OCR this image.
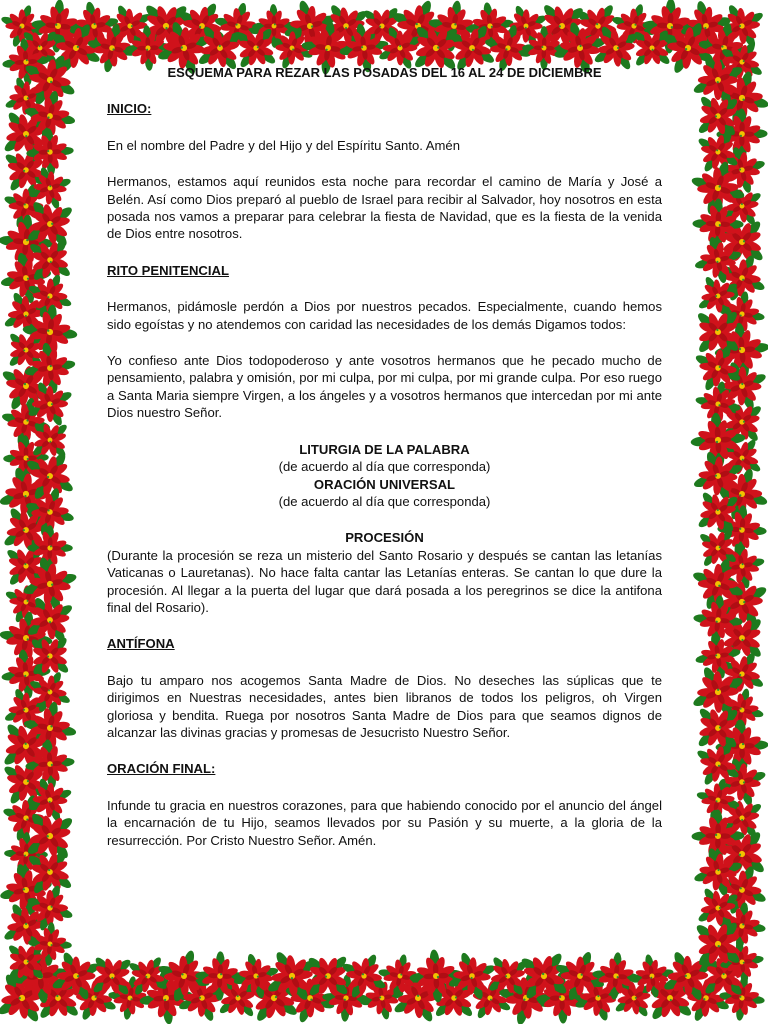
ESQUEMA PARA REZAR LAS POSADAS DEL 16 AL 24 DE DICIEMBRE
INICIO:

En el nombre del Padre y del Hijo y del Espíritu Santo. Amén

Hermanos, estamos aquí reunidos esta noche para recordar el camino de María y José a Belén. Así como Dios preparó al pueblo de Israel para recibir al Salvador, hoy nosotros en esta posada nos vamos a preparar para celebrar la fiesta de Navidad, que es la fiesta de la venida de Dios entre nosotros.

RITO PENITENCIAL

Hermanos, pidámosle perdón a Dios por nuestros pecados. Especialmente, cuando hemos sido egoístas y no atendemos con caridad las necesidades de los demás Digamos todos:

Yo confieso ante Dios todopoderoso y ante vosotros hermanos que he pecado mucho de pensamiento, palabra y omisión, por mi culpa, por mi culpa, por mi grande culpa. Por eso ruego a Santa Maria siempre Virgen, a los ángeles y a vosotros hermanos que intercedan por mi ante Dios nuestro Señor.

LITURGIA DE LA PALABRA
(de acuerdo al día que corresponda)
ORACIÓN UNIVERSAL
(de acuerdo al día que corresponda)
PROCESIÓN

(Durante la procesión se reza un misterio del Santo Rosario y después se cantan las letanías Vaticanas o Lauretanas). No hace falta cantar las Letanías enteras. Se cantan lo que dure la procesión. Al llegar a la puerta del lugar que dará posada a los peregrinos se dice la antifona final del Rosario).

ANTÍFONA

Bajo tu amparo nos acogemos Santa Madre de Dios. No deseches las súplicas que te dirigimos en Nuestras necesidades, antes bien libranos de todos los peligros, oh Virgen gloriosa y bendita. Ruega por nosotros Santa Madre de Dios para que seamos dignos de alcanzar las divinas gracias y promesas de Jesucristo Nuestro Señor.

ORACIÓN FINAL:

Infunde tu gracia en nuestros corazones, para que habiendo conocido por el anuncio del ángel la encarnación de tu Hijo, seamos llevados por su Pasión y su muerte, a la gloria de la resurrección. Por Cristo Nuestro Señor. Amén.
